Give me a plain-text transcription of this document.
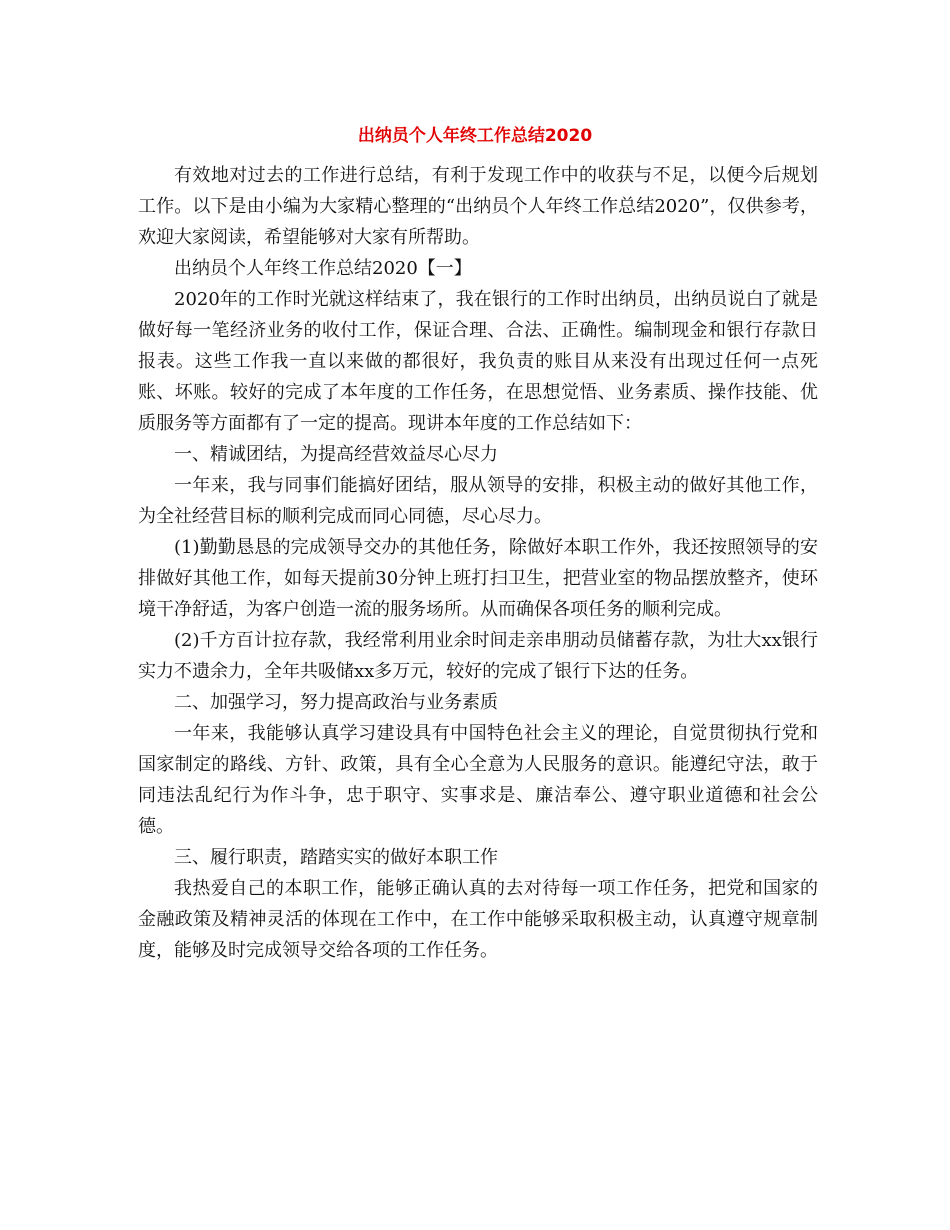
出纳员个人年终工作总结2020

有效地对过去的工作进行总结，有利于发现工作中的收获与不足，以便今后规划工作。以下是由小编为大家精心整理的“出纳员个人年终工作总结2020”，仅供参考，欢迎大家阅读，希望能够对大家有所帮助。

出纳员个人年终工作总结2020【一】

2020年的工作时光就这样结束了，我在银行的工作时出纳员，出纳员说白了就是做好每一笔经济业务的收付工作，保证合理、合法、正确性。编制现金和银行存款日报表。这些工作我一直以来做的都很好，我负责的账目从来没有出现过任何一点死账、坏账。较好的完成了本年度的工作任务，在思想觉悟、业务素质、操作技能、优质服务等方面都有了一定的提高。现讲本年度的工作总结如下：

一、精诚团结，为提高经营效益尽心尽力

一年来，我与同事们能搞好团结，服从领导的安排，积极主动的做好其他工作，为全社经营目标的顺利完成而同心同德，尽心尽力。

(1)勤勤恳恳的完成领导交办的其他任务，除做好本职工作外，我还按照领导的安排做好其他工作，如每天提前30分钟上班打扫卫生，把营业室的物品摆放整齐，使环境干净舒适，为客户创造一流的服务场所。从而确保各项任务的顺利完成。

(2)千方百计拉存款，我经常利用业余时间走亲串朋动员储蓄存款，为壮大xx银行实力不遗余力，全年共吸储xx多万元，较好的完成了银行下达的任务。

二、加强学习，努力提高政治与业务素质

一年来，我能够认真学习建设具有中国特色社会主义的理论，自觉贯彻执行党和国家制定的路线、方针、政策，具有全心全意为人民服务的意识。能遵纪守法，敢于同违法乱纪行为作斗争，忠于职守、实事求是、廉洁奉公、遵守职业道德和社会公德。

三、履行职责，踏踏实实的做好本职工作

我热爱自己的本职工作，能够正确认真的去对待每一项工作任务，把党和国家的金融政策及精神灵活的体现在工作中，在工作中能够采取积极主动，认真遵守规章制度，能够及时完成领导交给各项的工作任务。
